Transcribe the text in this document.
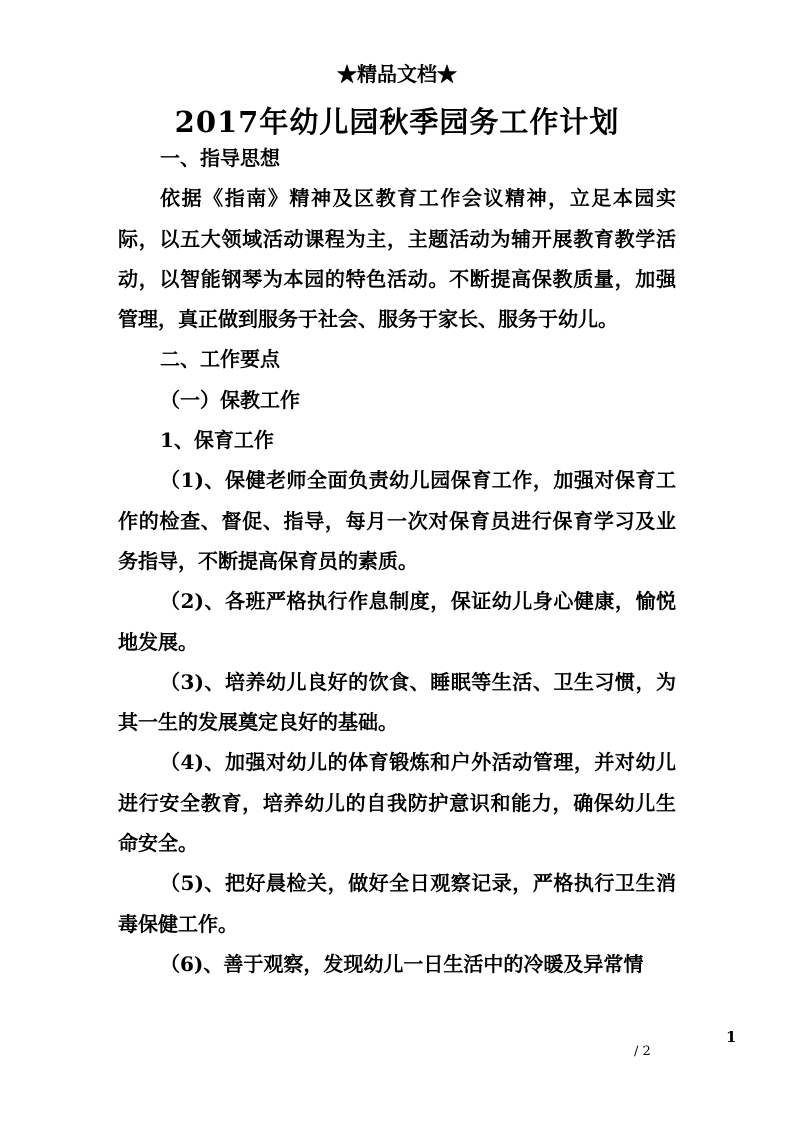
★精品文档★
2017年幼儿园秋季园务工作计划

一、指导思想

依据《指南》精神及区教育工作会议精神，立足本园实际，以五大领域活动课程为主，主题活动为辅开展教育教学活动，以智能钢琴为本园的特色活动。不断提高保教质量，加强管理，真正做到服务于社会、服务于家长、服务于幼儿。

二、工作要点

（一）保教工作

1、保育工作

（1)、保健老师全面负责幼儿园保育工作，加强对保育工作的检查、督促、指导，每月一次对保育员进行保育学习及业务指导，不断提高保育员的素质。

（2)、各班严格执行作息制度，保证幼儿身心健康，愉悦地发展。

（3)、培养幼儿良好的饮食、睡眠等生活、卫生习惯，为其一生的发展奠定良好的基础。

（4)、加强对幼儿的体育锻炼和户外活动管理，并对幼儿进行安全教育，培养幼儿的自我防护意识和能力，确保幼儿生命安全。

（5)、把好晨检关，做好全日观察记录，严格执行卫生消毒保健工作。

（6)、善于观察，发现幼儿一日生活中的冷暖及异常情

1
/ 2
